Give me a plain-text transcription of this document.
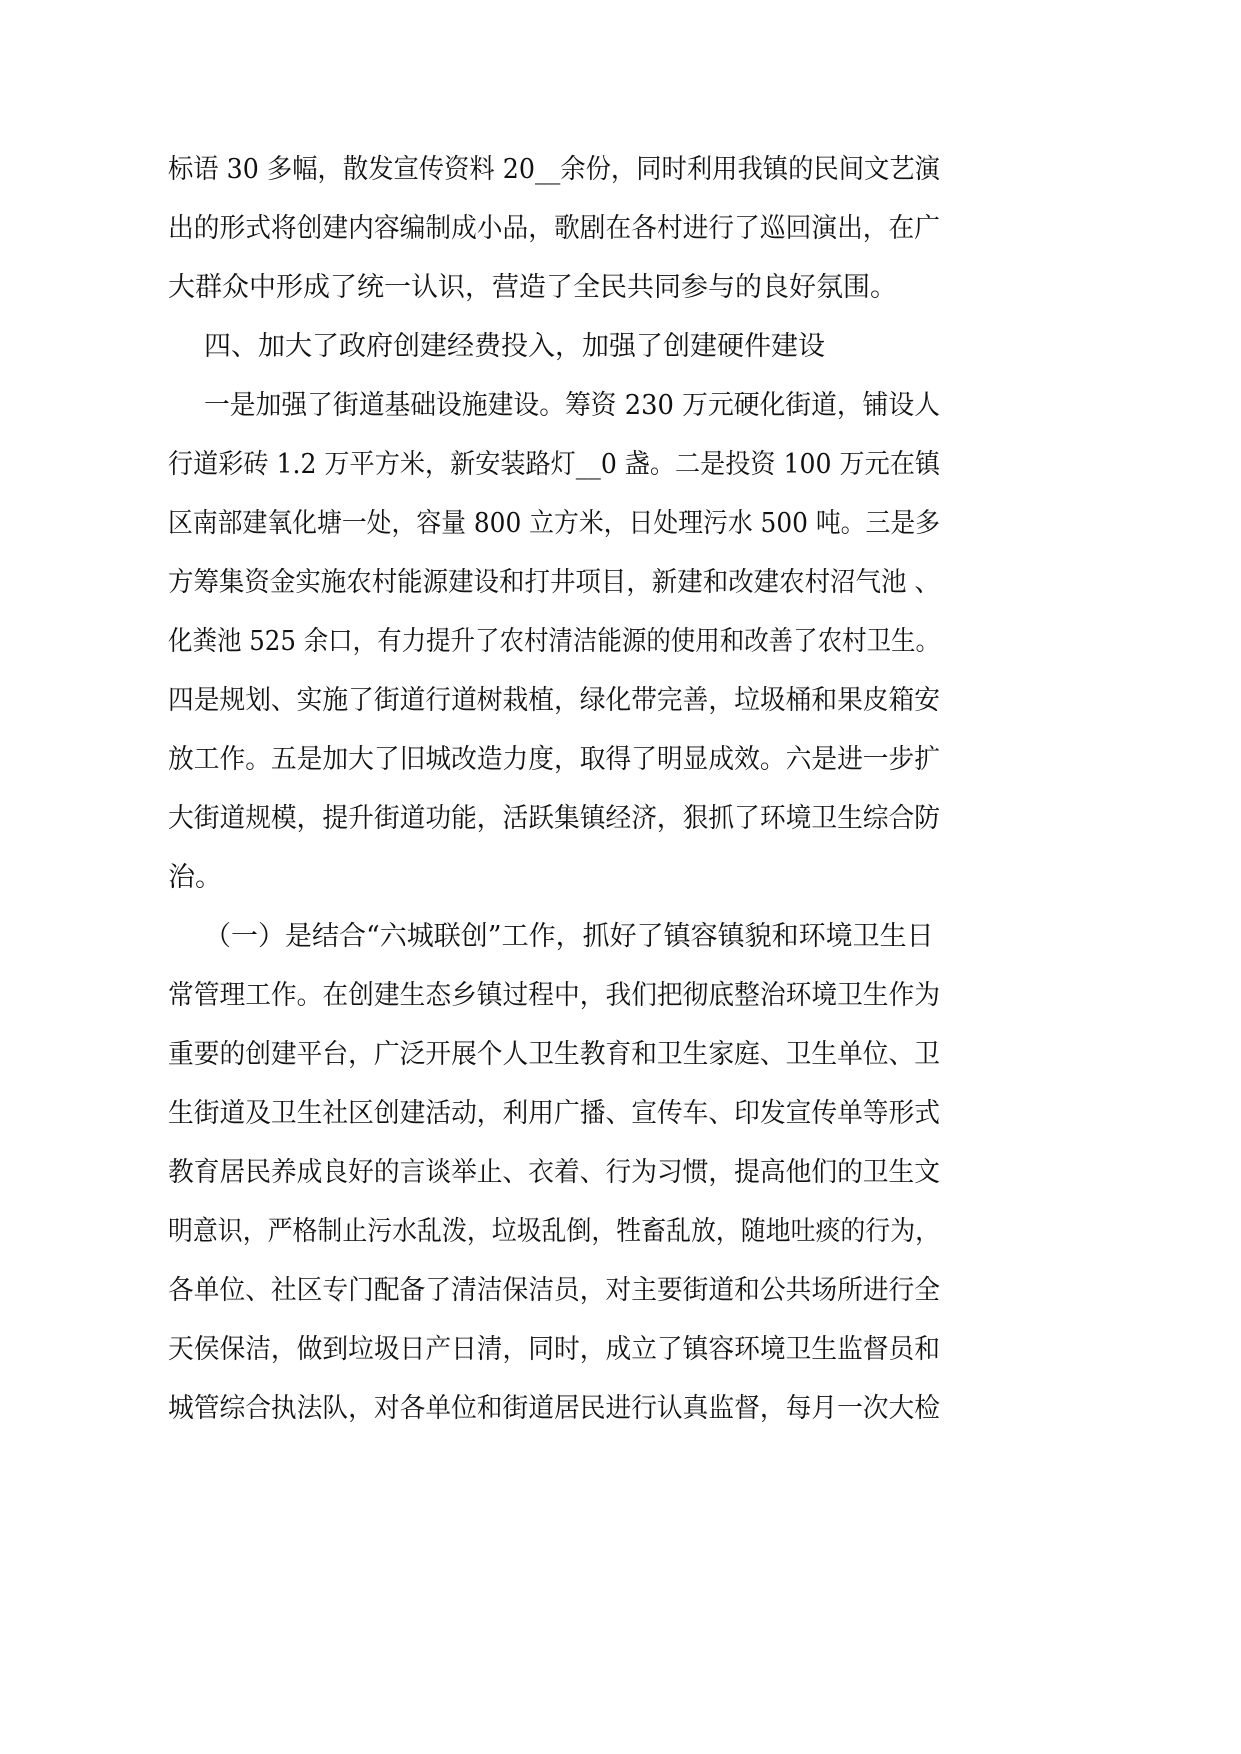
标语 30 多幅，散发宣传资料 20__余份，同时利用我镇的民间文艺演
出的形式将创建内容编制成小品，歌剧在各村进行了巡回演出，在广
大群众中形成了统一认识，营造了全民共同参与的良好氛围。
四、加大了政府创建经费投入，加强了创建硬件建设
一是加强了街道基础设施建设。筹资 230 万元硬化街道，铺设人
行道彩砖 1.2 万平方米，新安装路灯__0 盏。二是投资 100 万元在镇
区南部建氧化塘一处，容量 800 立方米，日处理污水 500 吨。三是多
方筹集资金实施农村能源建设和打井项目，新建和改建农村沼气池 、
化粪池 525 余口，有力提升了农村清洁能源的使用和改善了农村卫生。
四是规划、实施了街道行道树栽植，绿化带完善，垃圾桶和果皮箱安
放工作。五是加大了旧城改造力度，取得了明显成效。六是进一步扩
大街道规模，提升街道功能，活跃集镇经济，狠抓了环境卫生综合防
治。
（一）是结合“六城联创”工作，抓好了镇容镇貌和环境卫生日
常管理工作。在创建生态乡镇过程中，我们把彻底整治环境卫生作为
重要的创建平台，广泛开展个人卫生教育和卫生家庭、卫生单位、卫
生街道及卫生社区创建活动，利用广播、宣传车、印发宣传单等形式
教育居民养成良好的言谈举止、衣着、行为习惯，提高他们的卫生文
明意识，严格制止污水乱泼，垃圾乱倒，牲畜乱放，随地吐痰的行为，
各单位、社区专门配备了清洁保洁员，对主要街道和公共场所进行全
天侯保洁，做到垃圾日产日清，同时，成立了镇容环境卫生监督员和
城管综合执法队，对各单位和街道居民进行认真监督，每月一次大检
